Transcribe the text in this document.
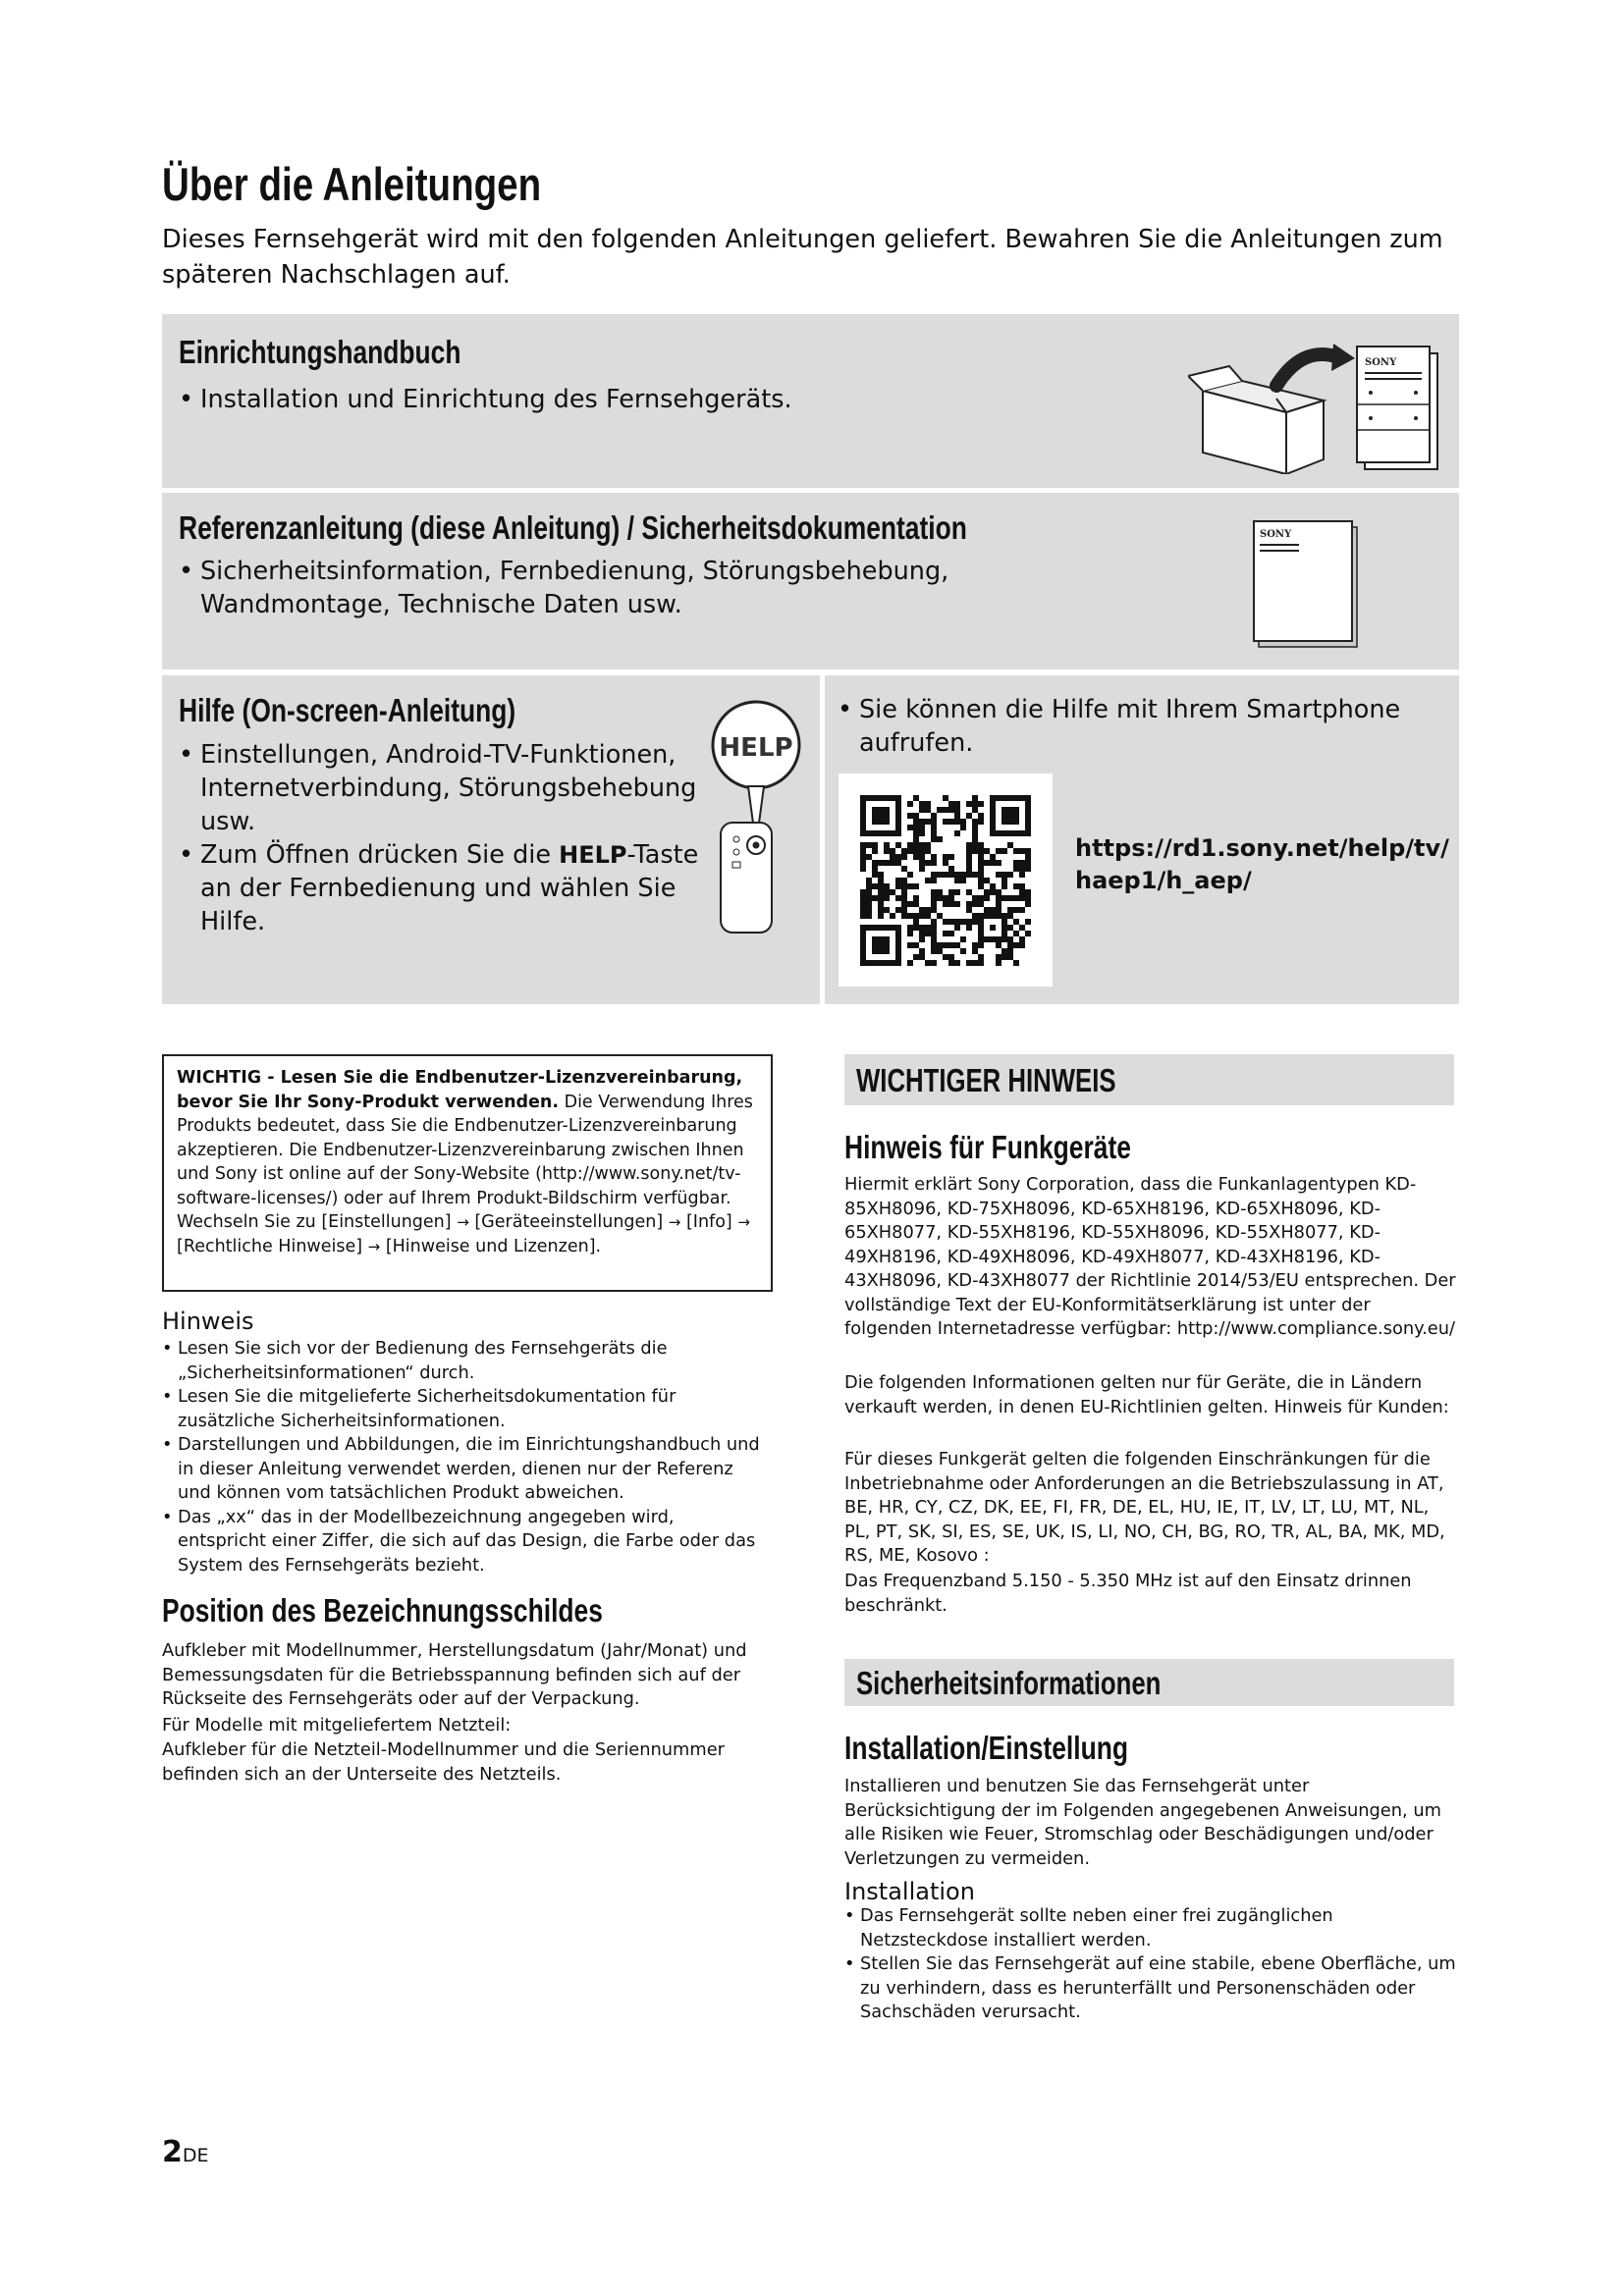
Über die Anleitungen
Dieses Fernsehgerät wird mit den folgenden Anleitungen geliefert. Bewahren Sie die Anleitungen zum späteren Nachschlagen auf.
Einrichtungshandbuch
• Installation und Einrichtung des Fernsehgeräts.
SONY
Referenzanleitung (diese Anleitung) / Sicherheitsdokumentation
• Sicherheitsinformation, Fernbedienung, Störungsbehebung, Wandmontage, Technische Daten usw.
SONY
Hilfe (On-screen-Anleitung)
• Einstellungen, Android-TV-Funktionen, Internetverbindung, Störungsbehebung usw.
• Zum Öffnen drücken Sie die HELP-Taste an der Fernbedienung und wählen Sie Hilfe.
HELP
• Sie können die Hilfe mit Ihrem Smartphone aufrufen.
https://rd1.sony.net/help/tv/
haep1/h_aep/
WICHTIG - Lesen Sie die Endbenutzer-Lizenzvereinbarung, bevor Sie Ihr Sony-Produkt verwenden. Die Verwendung Ihres Produkts bedeutet, dass Sie die Endbenutzer-Lizenzvereinbarung akzeptieren. Die Endbenutzer-Lizenzvereinbarung zwischen Ihnen und Sony ist online auf der Sony-Website (http://www.sony.net/tv-software-licenses/) oder auf Ihrem Produkt-Bildschirm verfügbar. Wechseln Sie zu [Einstellungen] → [Geräteeinstellungen] → [Info] → [Rechtliche Hinweise] → [Hinweise und Lizenzen].
Hinweis
• Lesen Sie sich vor der Bedienung des Fernsehgeräts die „Sicherheitsinformationen“ durch.
• Lesen Sie die mitgelieferte Sicherheitsdokumentation für zusätzliche Sicherheitsinformationen.
• Darstellungen und Abbildungen, die im Einrichtungshandbuch und in dieser Anleitung verwendet werden, dienen nur der Referenz und können vom tatsächlichen Produkt abweichen.
• Das „xx“ das in der Modellbezeichnung angegeben wird, entspricht einer Ziffer, die sich auf das Design, die Farbe oder das System des Fernsehgeräts bezieht.
Position des Bezeichnungsschildes
Aufkleber mit Modellnummer, Herstellungsdatum (Jahr/Monat) und Bemessungsdaten für die Betriebsspannung befinden sich auf der Rückseite des Fernsehgeräts oder auf der Verpackung.
Für Modelle mit mitgeliefertem Netzteil:
Aufkleber für die Netzteil-Modellnummer und die Seriennummer befinden sich an der Unterseite des Netzteils.
WICHTIGER HINWEIS
Hinweis für Funkgeräte
Hiermit erklärt Sony Corporation, dass die Funkanlagentypen KD-85XH8096, KD-75XH8096, KD-65XH8196, KD-65XH8096, KD-65XH8077, KD-55XH8196, KD-55XH8096, KD-55XH8077, KD-49XH8196, KD-49XH8096, KD-49XH8077, KD-43XH8196, KD-43XH8096, KD-43XH8077 der Richtlinie 2014/53/EU entsprechen. Der vollständige Text der EU-Konformitätserklärung ist unter der folgenden Internetadresse verfügbar: http://www.compliance.sony.eu/
Die folgenden Informationen gelten nur für Geräte, die in Ländern verkauft werden, in denen EU-Richtlinien gelten. Hinweis für Kunden:
Für dieses Funkgerät gelten die folgenden Einschränkungen für die Inbetriebnahme oder Anforderungen an die Betriebszulassung in AT, BE, HR, CY, CZ, DK, EE, FI, FR, DE, EL, HU, IE, IT, LV, LT, LU, MT, NL, PL, PT, SK, SI, ES, SE, UK, IS, LI, NO, CH, BG, RO, TR, AL, BA, MK, MD, RS, ME, Kosovo :
Das Frequenzband 5.150 - 5.350 MHz ist auf den Einsatz drinnen beschränkt.
Sicherheitsinformationen
Installation/Einstellung
Installieren und benutzen Sie das Fernsehgerät unter Berücksichtigung der im Folgenden angegebenen Anweisungen, um alle Risiken wie Feuer, Stromschlag oder Beschädigungen und/oder Verletzungen zu vermeiden.
Installation
• Das Fernsehgerät sollte neben einer frei zugänglichen Netzsteckdose installiert werden.
• Stellen Sie das Fernsehgerät auf eine stabile, ebene Oberfläche, um zu verhindern, dass es herunterfällt und Personenschäden oder Sachschäden verursacht.
2DE
